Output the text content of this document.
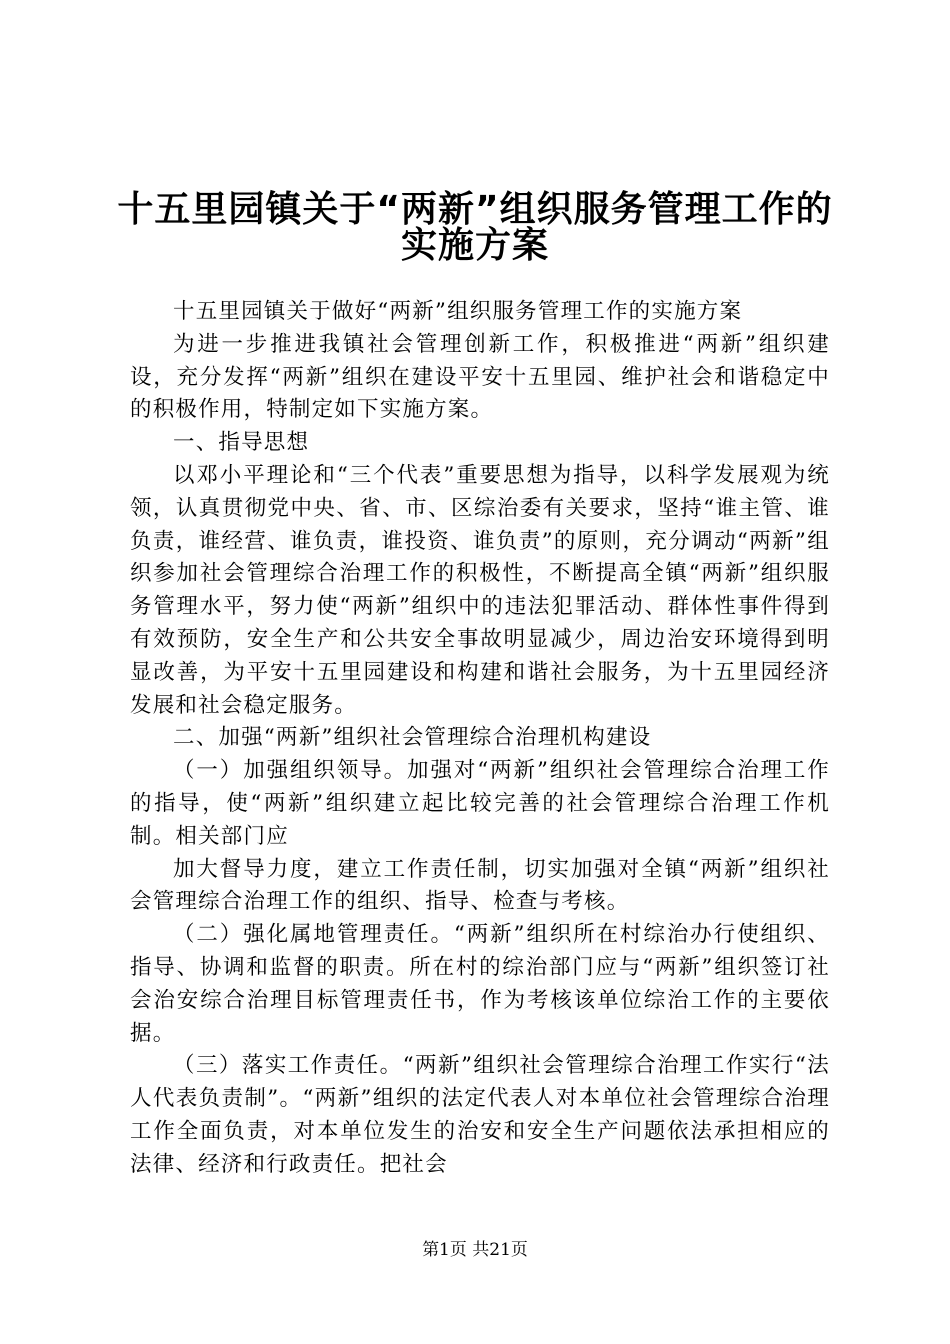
十五里园镇关于“两新”组织服务管理工作的
实施方案

十五里园镇关于做好“两新”组织服务管理工作的实施方案

为进一步推进我镇社会管理创新工作，积极推进“两新”组织建设，充分发挥“两新”组织在建设平安十五里园、维护社会和谐稳定中的积极作用，特制定如下实施方案。

一、指导思想

以邓小平理论和“三个代表”重要思想为指导，以科学发展观为统领，认真贯彻党中央、省、市、区综治委有关要求，坚持“谁主管、谁负责，谁经营、谁负责，谁投资、谁负责”的原则，充分调动“两新”组织参加社会管理综合治理工作的积极性，不断提高全镇“两新”组织服务管理水平，努力使“两新”组织中的违法犯罪活动、群体性事件得到有效预防，安全生产和公共安全事故明显减少，周边治安环境得到明显改善，为平安十五里园建设和构建和谐社会服务，为十五里园经济发展和社会稳定服务。

二、加强“两新”组织社会管理综合治理机构建设

（一）加强组织领导。加强对“两新”组织社会管理综合治理工作的指导，使“两新”组织建立起比较完善的社会管理综合治理工作机制。相关部门应

加大督导力度，建立工作责任制，切实加强对全镇“两新”组织社会管理综合治理工作的组织、指导、检查与考核。

（二）强化属地管理责任。“两新”组织所在村综治办行使组织、指导、协调和监督的职责。所在村的综治部门应与“两新”组织签订社会治安综合治理目标管理责任书，作为考核该单位综治工作的主要依据。

（三）落实工作责任。“两新”组织社会管理综合治理工作实行“法人代表负责制”。“两新”组织的法定代表人对本单位社会管理综合治理工作全面负责，对本单位发生的治安和安全生产问题依法承担相应的法律、经济和行政责任。把社会

第1页 共21页
